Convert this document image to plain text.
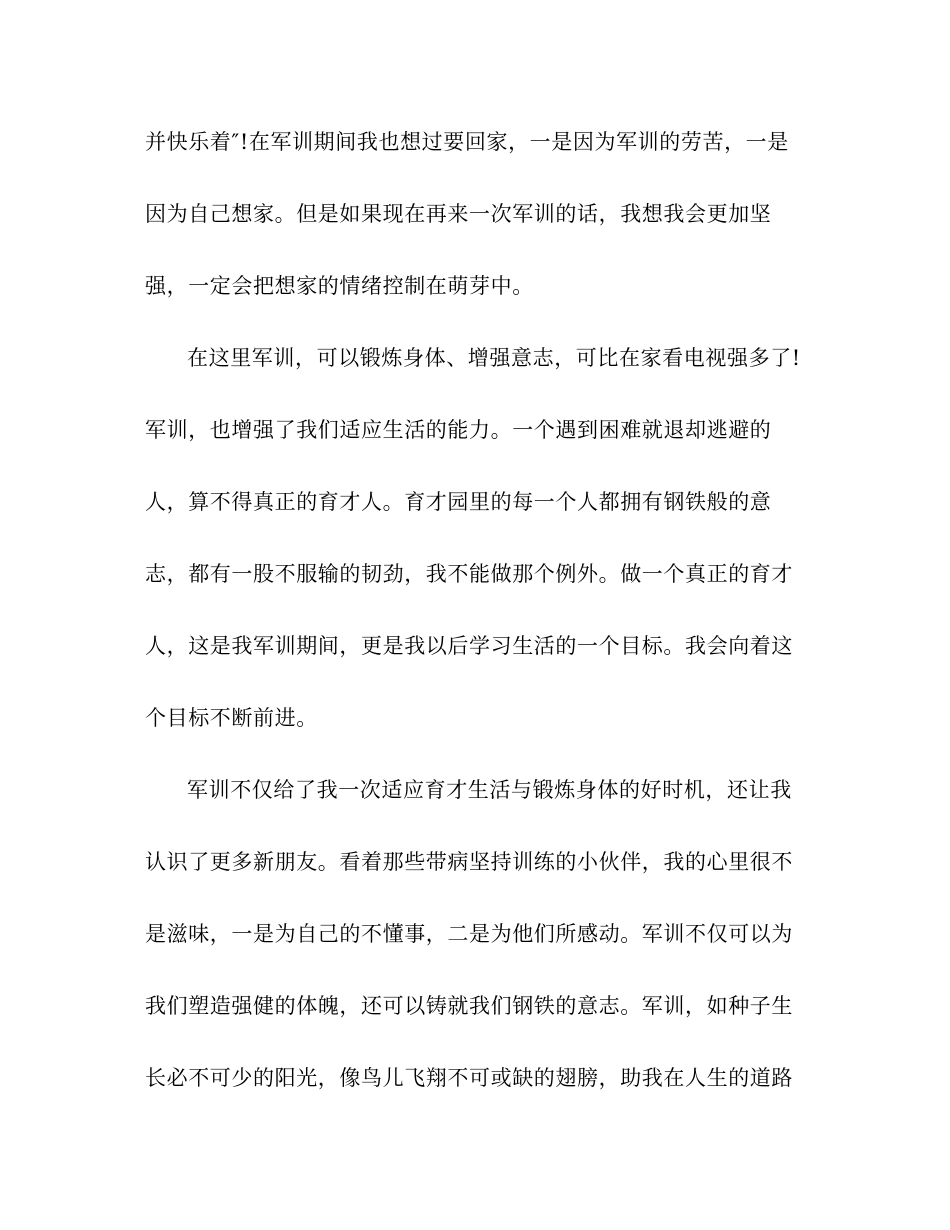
并快乐着″!在军训期间我也想过要回家，一是因为军训的劳苦，一是
因为自己想家。但是如果现在再来一次军训的话，我想我会更加坚
强，一定会把想家的情绪控制在萌芽中。
在这里军训，可以锻炼身体、增强意志，可比在家看电视强多了!
军训，也增强了我们适应生活的能力。一个遇到困难就退却逃避的
人，算不得真正的育才人。育才园里的每一个人都拥有钢铁般的意
志，都有一股不服输的韧劲，我不能做那个例外。做一个真正的育才
人，这是我军训期间，更是我以后学习生活的一个目标。我会向着这
个目标不断前进。
军训不仅给了我一次适应育才生活与锻炼身体的好时机，还让我
认识了更多新朋友。看着那些带病坚持训练的小伙伴，我的心里很不
是滋味，一是为自己的不懂事，二是为他们所感动。军训不仅可以为
我们塑造强健的体魄，还可以铸就我们钢铁的意志。军训，如种子生
长必不可少的阳光，像鸟儿飞翔不可或缺的翅膀，助我在人生的道路
